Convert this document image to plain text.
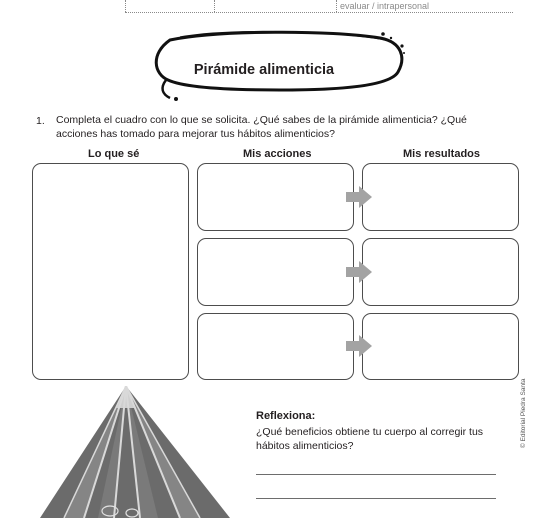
evaluar / intrapersonal
Pirámide alimenticia
1. Completa el cuadro con lo que se solicita. ¿Qué sabes de la pirámide alimenticia? ¿Qué acciones has tomado para mejorar tus hábitos alimenticios?
Lo que sé	Mis acciones	Mis resultados
Reflexiona:
¿Qué beneficios obtiene tu cuerpo al corregir tus hábitos alimenticios?	© Editorial Piedra Santa
